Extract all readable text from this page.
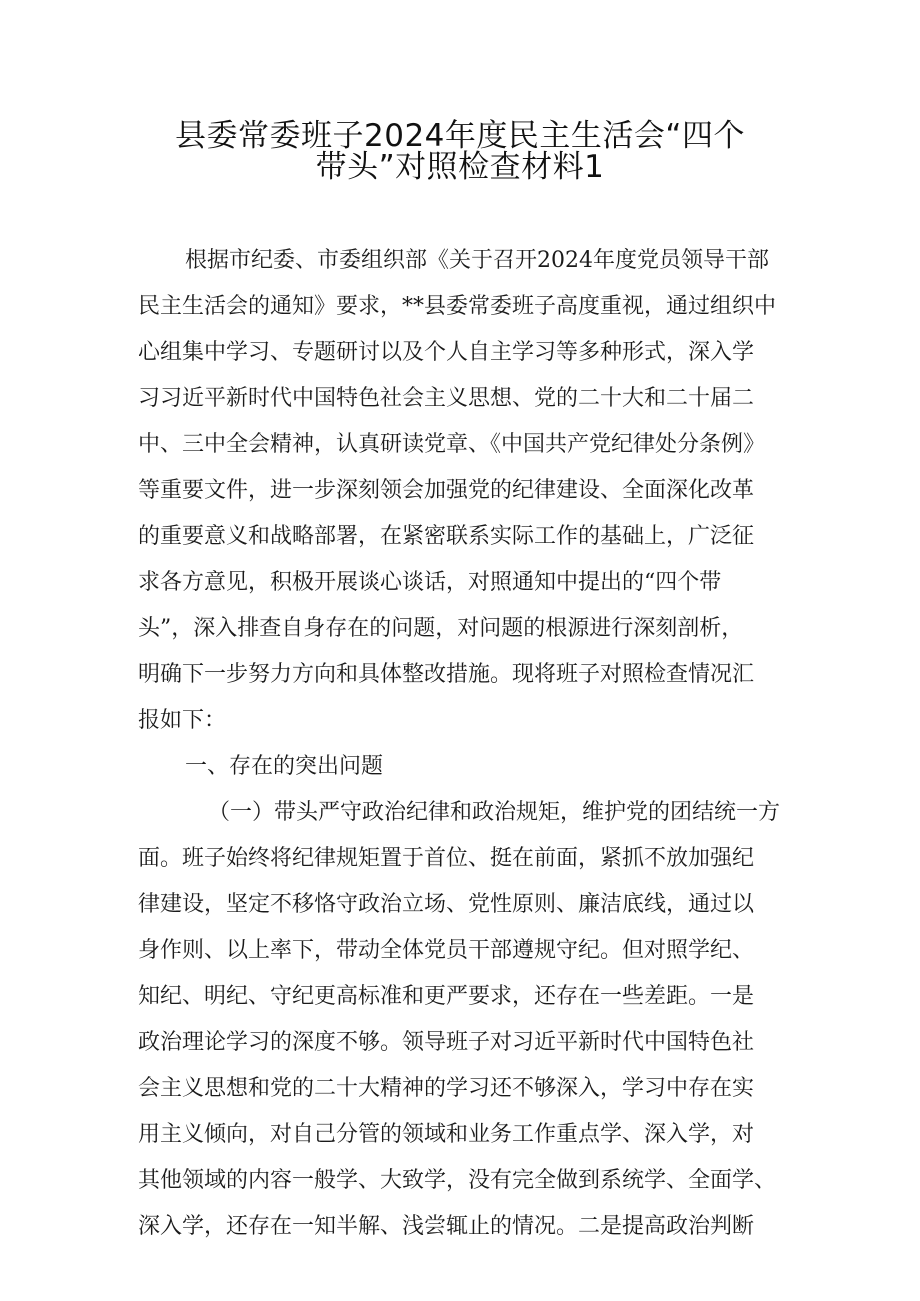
县委常委班子2024年度民主生活会“四个
带头”对照检查材料1

根据市纪委、市委组织部《关于召开2024年度党员领导干部

民主生活会的通知》要求，**县委常委班子高度重视，通过组织中

心组集中学习、专题研讨以及个人自主学习等多种形式，深入学

习习近平新时代中国特色社会主义思想、党的二十大和二十届二

中、三中全会精神，认真研读党章、《中国共产党纪律处分条例》

等重要文件，进一步深刻领会加强党的纪律建设、全面深化改革

的重要意义和战略部署，在紧密联系实际工作的基础上，广泛征

求各方意见，积极开展谈心谈话，对照通知中提出的“四个带

头”，深入排查自身存在的问题，对问题的根源进行深刻剖析，

明确下一步努力方向和具体整改措施。现将班子对照检查情况汇

报如下：

一、存在的突出问题

（一）带头严守政治纪律和政治规矩，维护党的团结统一方

面。班子始终将纪律规矩置于首位、挺在前面，紧抓不放加强纪

律建设，坚定不移恪守政治立场、党性原则、廉洁底线，通过以

身作则、以上率下，带动全体党员干部遵规守纪。但对照学纪、

知纪、明纪、守纪更高标准和更严要求，还存在一些差距。一是

政治理论学习的深度不够。领导班子对习近平新时代中国特色社

会主义思想和党的二十大精神的学习还不够深入，学习中存在实

用主义倾向，对自己分管的领域和业务工作重点学、深入学，对

其他领域的内容一般学、大致学，没有完全做到系统学、全面学、

深入学，还存在一知半解、浅尝辄止的情况。二是提高政治判断
